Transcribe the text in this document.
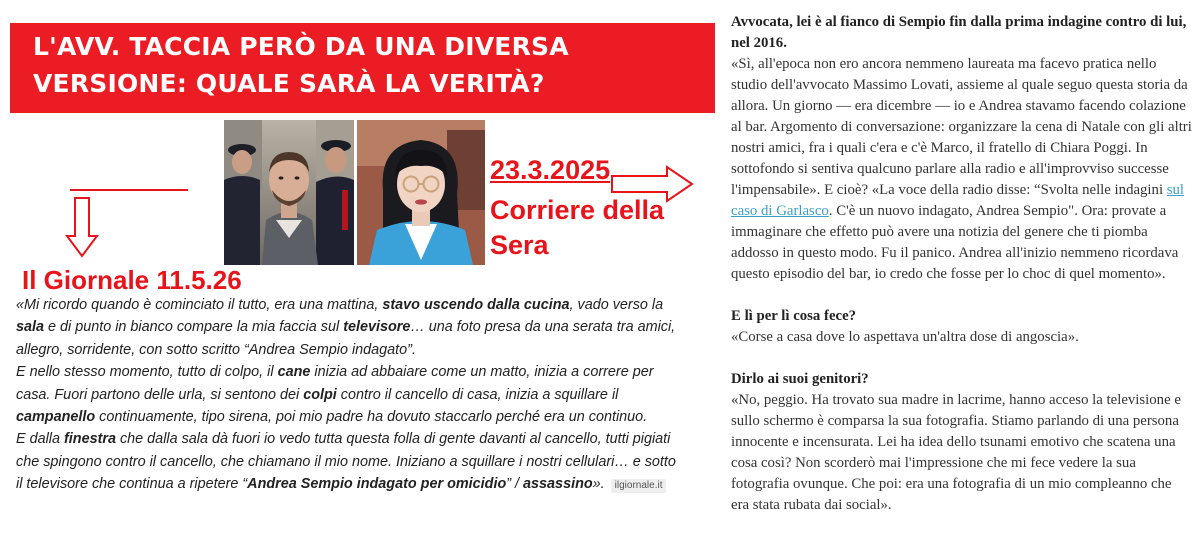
L'AVV. TACCIA PERÒ DA UNA DIVERSA
VERSIONE: QUALE SARÀ LA VERITÀ?
23.3.2025
Corriere della
Sera
Il Giornale 11.5.26

«Mi ricordo quando è cominciato il tutto, era una mattina, stavo uscendo dalla cucina, vado verso la

sala e di punto in bianco compare la mia faccia sul televisore… una foto presa da una serata tra amici,

allegro, sorridente, con sotto scritto “Andrea Sempio indagato”.

E nello stesso momento, tutto di colpo, il cane inizia ad abbaiare come un matto, inizia a correre per

casa. Fuori partono delle urla, si sentono dei colpi contro il cancello di casa, inizia a squillare il

campanello continuamente, tipo sirena, poi mio padre ha dovuto staccarlo perché era un continuo.

E dalla finestra che dalla sala dà fuori io vedo tutta questa folla di gente davanti al cancello, tutti pigiati

che spingono contro il cancello, che chiamano il mio nome. Iniziano a squillare i nostri cellulari… e sotto

il televisore che continua a ripetere “Andrea Sempio indagato per omicidio” / assassino». ilgiornale.it

Avvocata, lei è al fianco di Sempio fin dalla prima indagine contro di lui,
nel 2016.
«Sì, all'epoca non ero ancora nemmeno laureata ma facevo pratica nello
studio dell'avvocato Massimo Lovati, assieme al quale seguo questa storia da
allora. Un giorno — era dicembre — io e Andrea stavamo facendo colazione
al bar. Argomento di conversazione: organizzare la cena di Natale con gli altri
nostri amici, fra i quali c'era e c'è Marco, il fratello di Chiara Poggi. In
sottofondo si sentiva qualcuno parlare alla radio e all'improvviso successe
l'impensabile». E cioè? «La voce della radio disse: “Svolta nelle indagini sul
caso di Garlasco. C'è un nuovo indagato, Andrea Sempio". Ora: provate a
immaginare che effetto può avere una notizia del genere che ti piomba
addosso in questo modo. Fu il panico. Andrea all'inizio nemmeno ricordava
questo episodio del bar, io credo che fosse per lo choc di quel momento».
E lì per lì cosa fece?
«Corse a casa dove lo aspettava un'altra dose di angoscia».
Dirlo ai suoi genitori?
«No, peggio. Ha trovato sua madre in lacrime, hanno acceso la televisione e
sullo schermo è comparsa la sua fotografia. Stiamo parlando di una persona
innocente e incensurata. Lei ha idea dello tsunami emotivo che scatena una
cosa così? Non scorderò mai l'impressione che mi fece vedere la sua
fotografia ovunque. Che poi: era una fotografia di un mio compleanno che
era stata rubata dai social».
